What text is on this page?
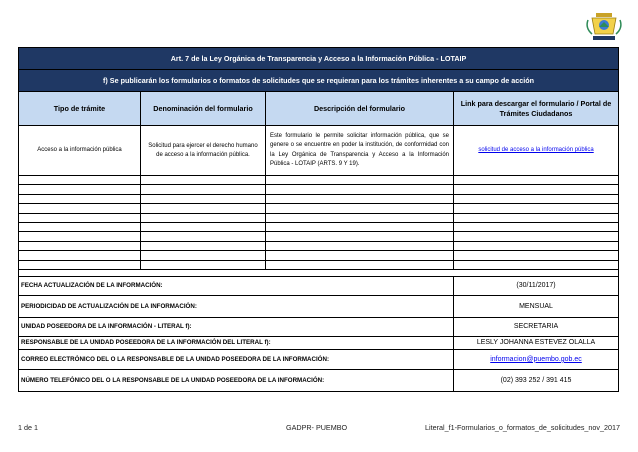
Art. 7 de la Ley Orgánica de Transparencia y Acceso a la Información Pública - LOTAIP			
f) Se publicarán los formularios o formatos de solicitudes que se requieran para los trámites inherentes a su campo de acción			
Tipo de trámite	Denominación del formulario	Descripción del formulario	Link para descargar el formulario / Portal de Trámites Ciudadanos
Acceso a la información pública	Solicitud para ejercer el derecho humano de acceso a la información pública.	Este formulario le permite solicitar información pública, que se genere o se encuentre en poder la institución, de conformidad con la Ley Orgánica de Transparencia y Acceso a la Información Pública - LOTAIP (ARTS. 9 Y 19).	solicitud de acceso a la información pública

FECHA ACTUALIZACIÓN DE LA INFORMACIÓN:			(30/11/2017)
PERIODICIDAD DE ACTUALIZACIÓN DE LA INFORMACIÓN:			MENSUAL
UNIDAD POSEEDORA DE LA INFORMACIÓN - LITERAL f):			SECRETARIA
RESPONSABLE DE LA UNIDAD POSEEDORA DE LA INFORMACIÓN DEL LITERAL f):			LESLY JOHANNA ESTEVEZ OLALLA
CORREO ELECTRÓNICO DEL O LA RESPONSABLE DE LA UNIDAD POSEEDORA DE LA INFORMACIÓN:			informacion@puembo.gob.ec
NÚMERO TELEFÓNICO DEL O LA RESPONSABLE DE LA UNIDAD POSEEDORA DE LA INFORMACIÓN:			(02) 393 252 / 391 415
1 de 1	GADPR- PUEMBO	Literal_f1-Formularios_o_formatos_de_solicitudes_nov_2017
